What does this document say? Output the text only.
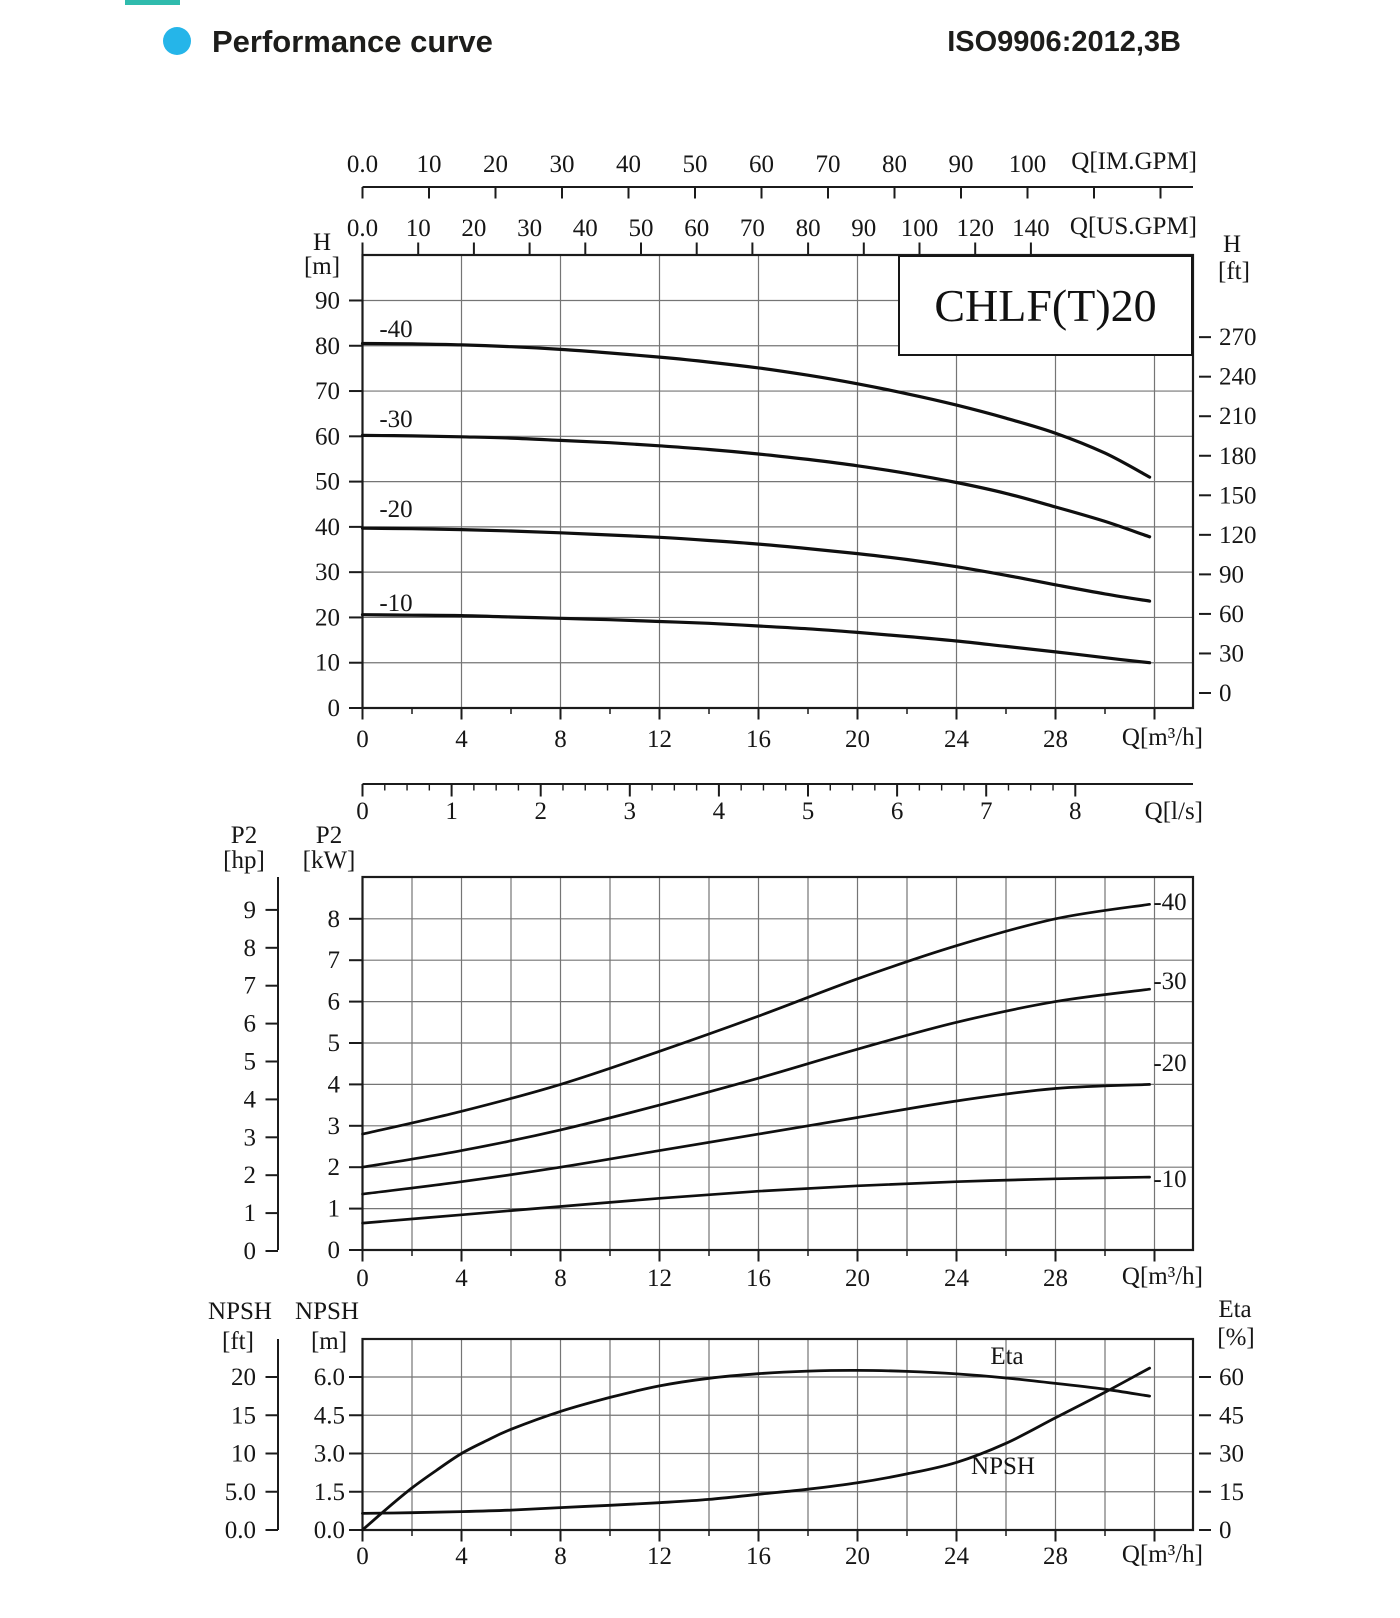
Performance curve	ISO9906:2012,3B
0
10
20
30
40
50
60
70
80
90
0
30
60
90
120
150
180
210
240
270
0	4	8	12	16	20	24	28
0.0 10 20 30 40 50 60 70 80 90 100
0.0 10 20 30 40 50 60 70 80 90 100 120 140
0	1	2	3	4	5	6	7	8
0
1
2
3
4
5
6
7
8
0
1
2
3
4
5
6
7
8
9
0	4	8	12	16	20	24	28
0.0
1.5
3.0
4.5
6.0
0.0
5.0
10
15
20
0
15
30
45
60
0	4	8	12	16	20	24	28
Q[IM.GPM]
Q[US.GPM]
H
[m]
H
[ft]
CHLF(T)20
-40
-30
-20
-10
Q[m³/h]
Q[l/s]
P2
[hp]
P2
[kW]
-40
-30
-20
-10
Q[m³/h]
NPSH
[ft]
NPSH
[m]
Eta
[%]
Eta
NPSH
Q[m³/h]
